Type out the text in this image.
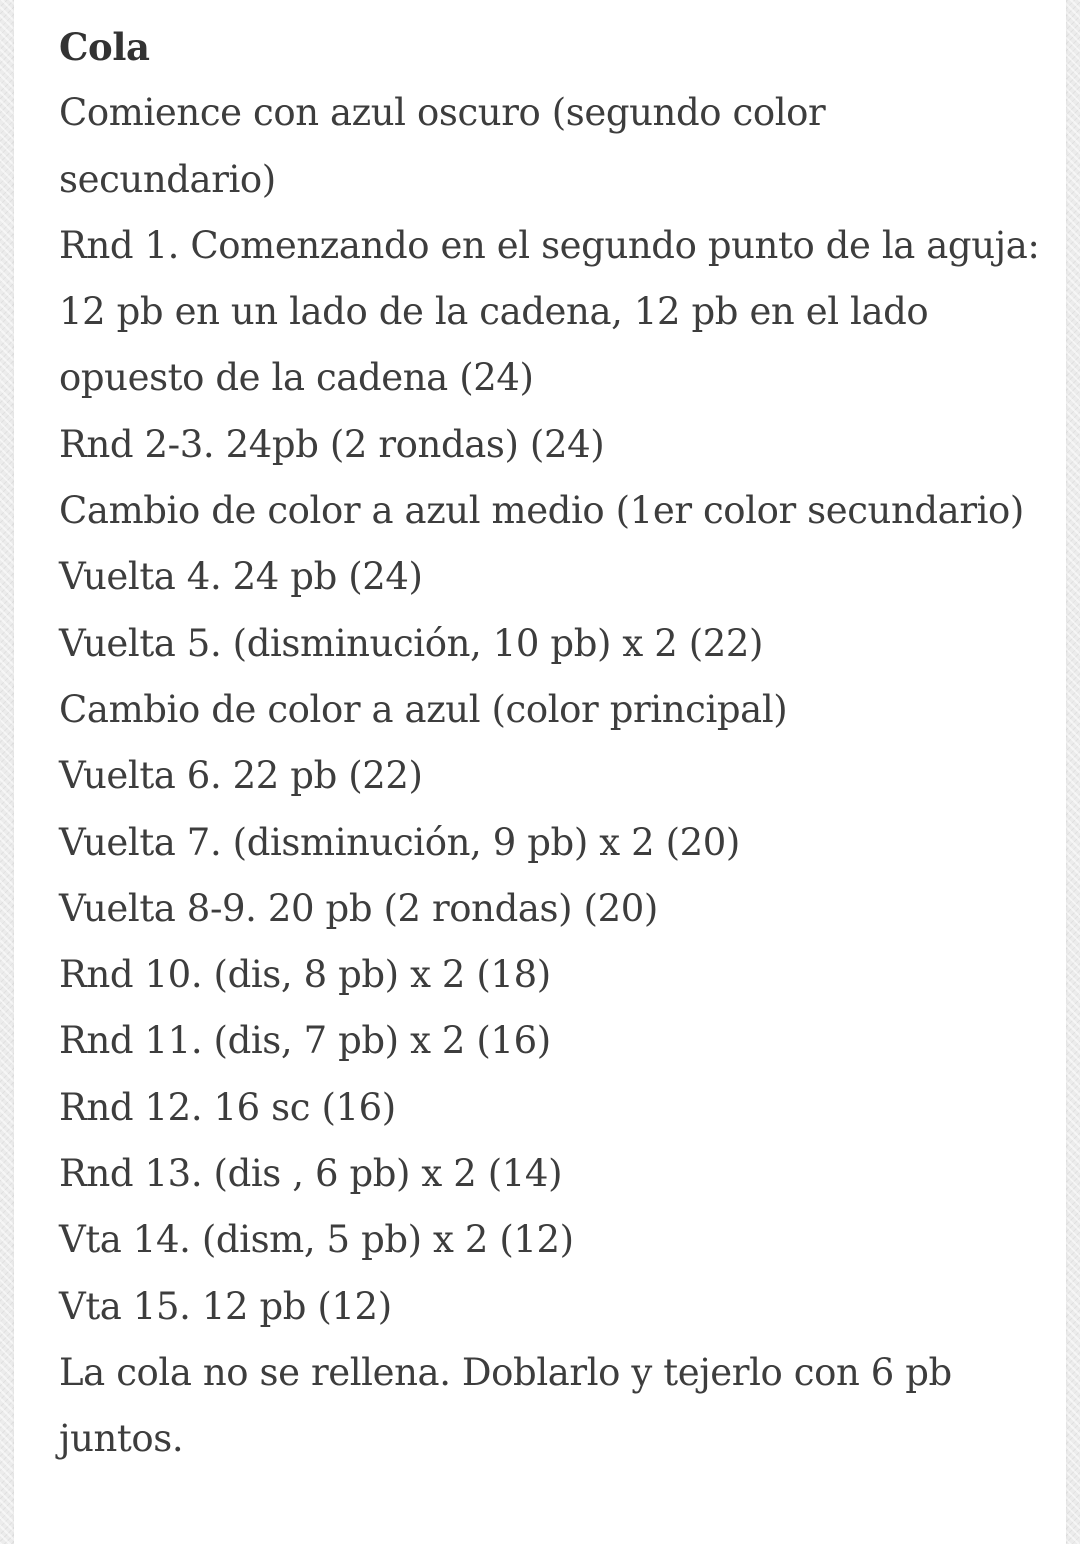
Cola

Comience con azul oscuro (segundo color secundario)

Rnd 1. Comenzando en el segundo punto de la aguja: 12 pb en un lado de la cadena, 12 pb en el lado opuesto de la cadena (24)

Rnd 2-3. 24pb (2 rondas) (24)

Cambio de color a azul medio (1er color secundario)

Vuelta 4. 24 pb (24)

Vuelta 5. (disminución, 10 pb) x 2 (22)

Cambio de color a azul (color principal)

Vuelta 6. 22 pb (22)

Vuelta 7. (disminución, 9 pb) x 2 (20)

Vuelta 8-9. 20 pb (2 rondas) (20)

Rnd 10. (dis, 8 pb) x 2 (18)

Rnd 11. (dis, 7 pb) x 2 (16)

Rnd 12. 16 sc (16)

Rnd 13. (dis , 6 pb) x 2 (14)

Vta 14. (dism, 5 pb) x 2 (12)

Vta 15. 12 pb (12)

La cola no se rellena. Doblarlo y tejerlo con 6 pb juntos.
